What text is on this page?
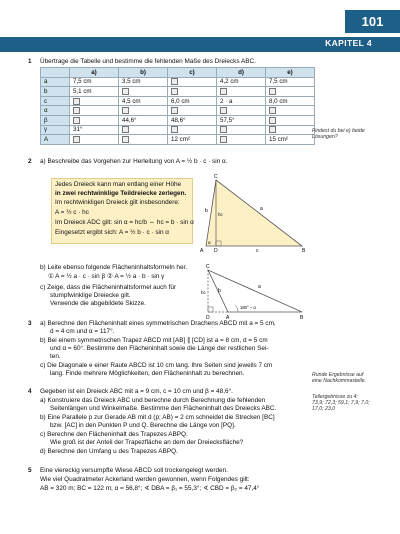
101
KAPITEL 4
1 Übertrage die Tabelle und bestimme die fehlenden Maße des Dreiecks ABC.
	a)	b)	c)	d)	e)
a	7,5 cm	3,5 cm		4,2 cm	7,5 cm
b	5,1 cm				
c		4,5 cm	6,0 cm	2 · a	8,0 cm
α					
β		44,6°	48,6°	57,5°	
γ	31°				
A			12 cm²		15 cm²
Findest du bei e) beide
Lösungen?
2 a) Beschreibe das Vorgehen zur Herleitung von A = ½ b · c · sin α.
Jedes Dreieck kann man entlang einer Höhe
in zwei rechtwinklige Teildreiecke zerlegen.
Im rechtwinkligen Dreieck gilt insbesondere:
A = ½ c · hc
Im Dreieck ADC gilt: sin α = hc/b ⇔ hc = b · sin α
Eingesetzt ergibt sich: A = ½ b · c · sin α
A	B
C
D
a
b
c
hc
α
b) Leite ebenso folgende Flächeninhaltsformeln her.
① A = ½ a · c · sin β ② A = ½ a · b · sin γ
c) Zeige, dass die Flächeninhaltsformel auch für
stumpfwinklige Dreiecke gilt.
Verwende die abgebildete Skizze.
C
D	A	B
hc b
a
180° − α
3 a) Berechne den Flächeninhalt eines symmetrischen Drachens ABCD mit a = 5 cm,
d = 4 cm und α = 117°.
b) Bei einem symmetrischen Trapez ABCD mit [AB] ∥ [CD] ist a = 8 cm, d = 5 cm
und α = 60°. Bestimme den Flächeninhalt sowie die Länge der restlichen Sei-
ten.
c) Die Diagonale e einer Raute ABCD ist 10 cm lang. Ihre Seiten sind jeweils 7 cm
lang. Finde mehrere Möglichkeiten, den Flächeninhalt zu berechnen.	Runde Ergebnisse auf
eine Nachkommastelle.
4 Gegeben ist ein Dreieck ABC mit a = 9 cm, c = 10 cm und β = 48,6°.
a) Konstruiere das Dreieck ABC und berechne durch Berechnung die fehlenden
Seitenlängen und Winkelmaße. Bestimme den Flächeninhalt des Dreiecks ABC.
b) Eine Parallele p zur Gerade AB mit d (p; AB) = 2 cm schneidet die Strecken [BC]
bzw. [AC] in den Punkten P und Q. Berechne die Länge von [PQ].
c) Berechne den Flächeninhalt des Trapezes ABPQ.
Wie groß ist der Anteil der Trapezfläche an dem der Dreiecksfläche?
d) Berechne den Umfang u des Trapezes ABPQ.
Teilergebnisse zu 4:
73,9; 72,3; 59,1; 7,9; 7,0;
17,0; 23,0
5 Eine viereckig versumpfte Wiese ABCD soll trockengelegt werden.
Wie viel Quadratmeter Ackerland werden gewonnen, wenn Folgendes gilt:
AB = 320 m; BC = 122 m; α = 56,8°; ∢ DBA = β₁ = 55,3°; ∢ CBD = β₂ = 47,4°
